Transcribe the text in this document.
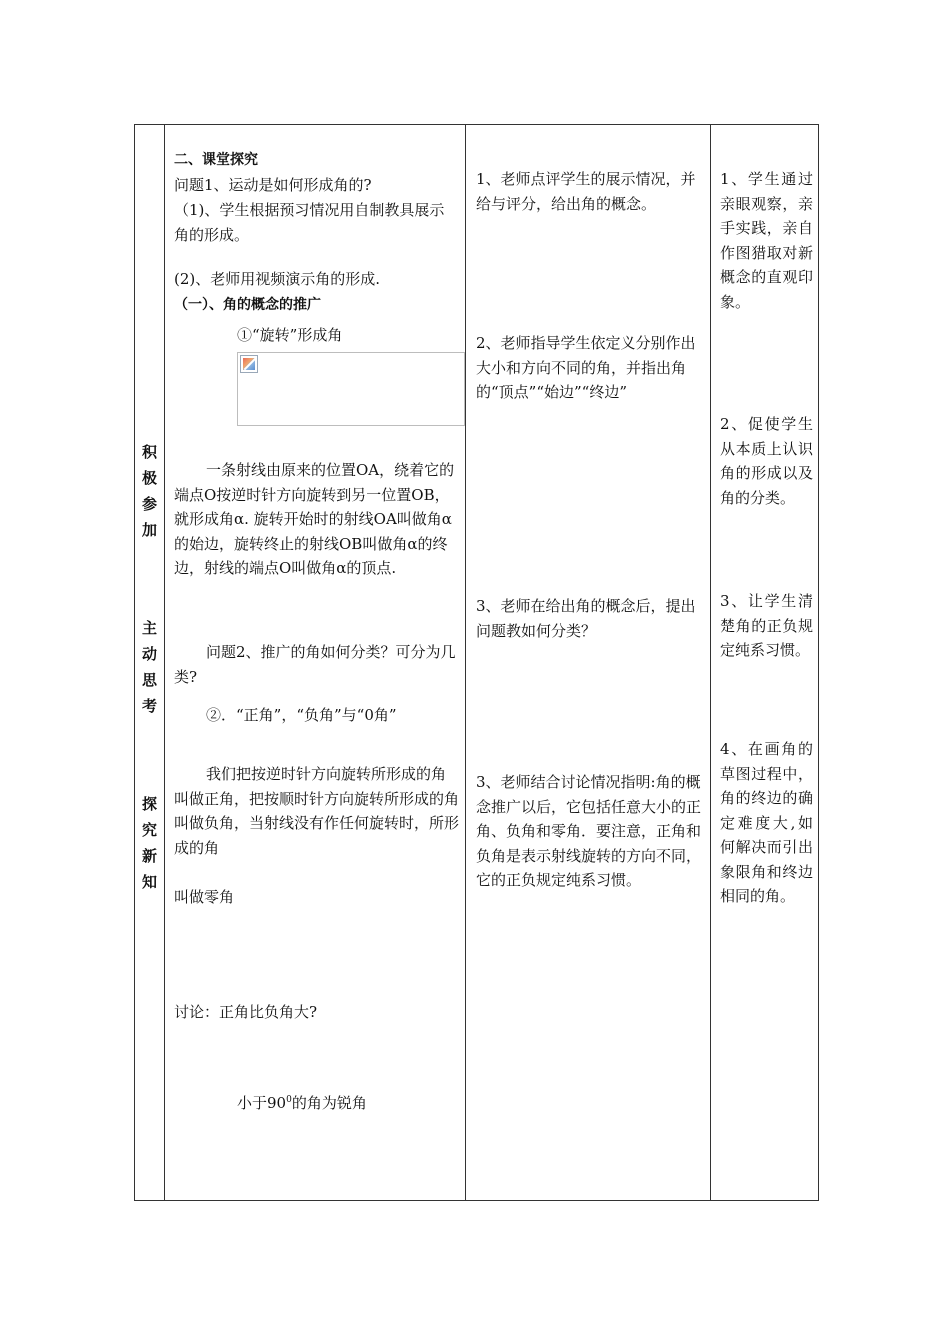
积
极
参
加
主
动
思
考
探
究
新
知

二、课堂探究

问题1、运动是如何形成角的?

（1)、学生根据预习情况用自制教具展示角的形成。

(2)、老师用视频演示角的形成.

（一）、角的概念的推广

①“旋转”形成角

一条射线由原来的位置OA，绕着它的端点O按逆时针方向旋转到另一位置OB，就形成角α. 旋转开始时的射线OA叫做角α的始边，旋转终止的射线OB叫做角α的终边，射线的端点O叫做角α的顶点.

问题2、推广的角如何分类？可分为几类?

②．“正角”，“负角”与“0角”

我们把按逆时针方向旋转所形成的角叫做正角，把按顺时针方向旋转所形成的角叫做负角，当射线没有作任何旋转时，所形成的角

叫做零角

讨论：正角比负角大?

小于$90^0$的角为锐角

1、老师点评学生的展示情况，并给与评分，给出角的概念。

2、老师指导学生依定义分别作出大小和方向不同的角，并指出角的“顶点”“始边”“终边”

3、老师在给出角的概念后，提出问题教如何分类？

3、老师结合讨论情况指明:角的概念推广以后，它包括任意大小的正角、负角和零角．要注意，正角和负角是表示射线旋转的方向不同，它的正负规定纯系习惯。

1、学生通过亲眼观察，亲手实践，亲自作图猎取对新概念的直观印象。

2、促使学生从本质上认识角的形成以及角的分类。

3、让学生清楚角的正负规定纯系习惯。

4、在画角的草图过程中，角的终边的确定难度大,如何解决而引出象限角和终边相同的角。
